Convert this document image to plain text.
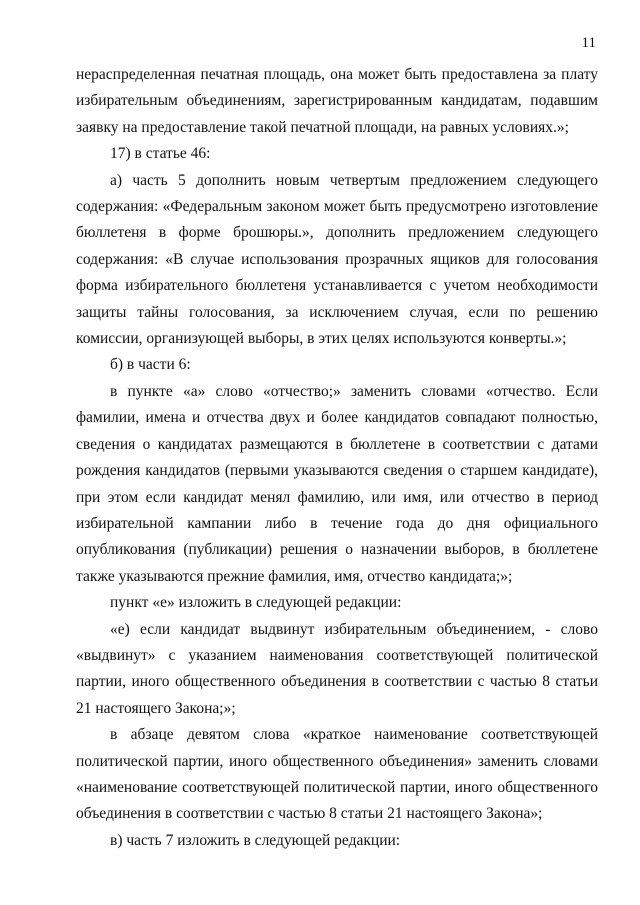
11

нераспределенная печатная площадь, она может быть предоставлена за плату избирательным объединениям, зарегистрированным кандидатам, подавшим заявку на предоставление такой печатной площади, на равных условиях.»;

17) в статье 46:

а) часть 5 дополнить новым четвертым предложением следующего содержания: «Федеральным законом может быть предусмотрено изготовление бюллетеня в форме брошюры.», дополнить предложением следующего содержания: «В случае использования прозрачных ящиков для голосования форма избирательного бюллетеня устанавливается с учетом необходимости защиты тайны голосования, за исключением случая, если по решению комиссии, организующей выборы, в этих целях используются конверты.»;

б) в части 6:

в пункте «а» слово «отчество;» заменить словами «отчество. Если фамилии, имена и отчества двух и более кандидатов совпадают полностью, сведения о кандидатах размещаются в бюллетене в соответствии с датами рождения кандидатов (первыми указываются сведения о старшем кандидате), при этом если кандидат менял фамилию, или имя, или отчество в период избирательной кампании либо в течение года до дня официального опубликования (публикации) решения о назначении выборов, в бюллетене также указываются прежние фамилия, имя, отчество кандидата;»;

пункт «е» изложить в следующей редакции:

«е) если кандидат выдвинут избирательным объединением, - слово «выдвинут» с указанием наименования соответствующей политической партии, иного общественного объединения в соответствии с частью 8 статьи 21 настоящего Закона;»;

в абзаце девятом слова «краткое наименование соответствующей политической партии, иного общественного объединения» заменить словами «наименование соответствующей политической партии, иного общественного объединения в соответствии с частью 8 статьи 21 настоящего Закона»;

в) часть 7 изложить в следующей редакции:
